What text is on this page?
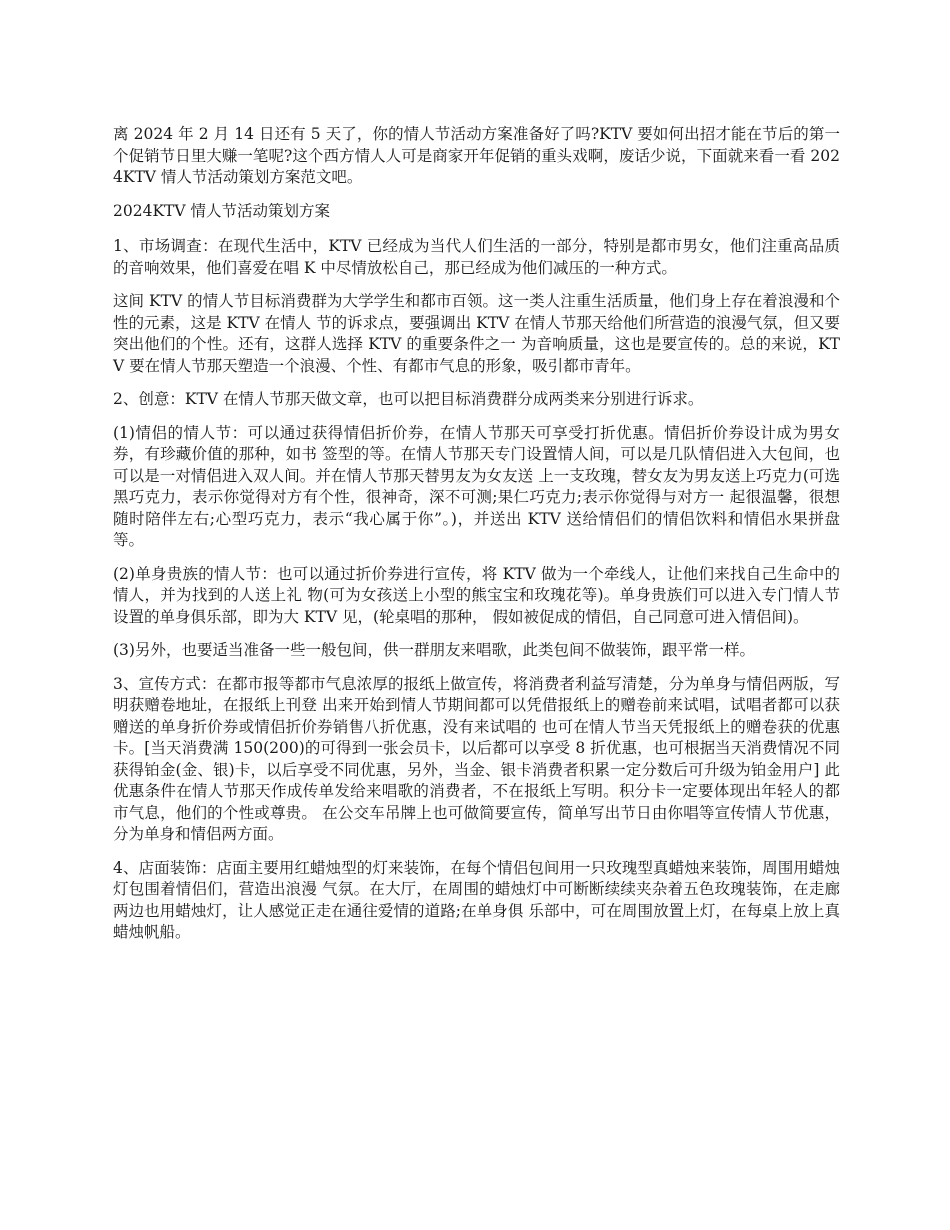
离 2024 年 2 月 14 日还有 5 天了，你的情人节活动方案准备好了吗?KTV 要如何出招才能在节后的第一个促销节日里大赚一笔呢?这个西方情人人可是商家开年促销的重头戏啊，废话少说，下面就来看一看 2024KTV 情人节活动策划方案范文吧。

2024KTV 情人节活动策划方案

1、市场调查：在现代生活中，KTV 已经成为当代人们生活的一部分，特别是都市男女，他们注重高品质的音响效果，他们喜爱在唱 K 中尽情放松自己，那已经成为他们减压的一种方式。

这间 KTV 的情人节目标消费群为大学学生和都市百领。这一类人注重生活质量，他们身上存在着浪漫和个性的元素，这是 KTV 在情人 节的诉求点，要强调出 KTV 在情人节那天给他们所营造的浪漫气氛，但又要突出他们的个性。还有，这群人选择 KTV 的重要条件之一 为音响质量，这也是要宣传的。总的来说，KTV 要在情人节那天塑造一个浪漫、个性、有都市气息的形象，吸引都市青年。

2、创意：KTV 在情人节那天做文章，也可以把目标消费群分成两类来分别进行诉求。

(1)情侣的情人节：可以通过获得情侣折价券，在情人节那天可享受打折优惠。情侣折价券设计成为男女券，有珍藏价值的那种，如书 签型的等。在情人节那天专门设置情人间，可以是几队情侣进入大包间，也可以是一对情侣进入双人间。并在情人节那天替男友为女友送 上一支玫瑰，替女友为男友送上巧克力(可选黑巧克力，表示你觉得对方有个性，很神奇，深不可测;果仁巧克力;表示你觉得与对方一 起很温馨，很想随时陪伴左右;心型巧克力，表示“我心属于你”。)，并送出 KTV 送给情侣们的情侣饮料和情侣水果拼盘等。

(2)单身贵族的情人节：也可以通过折价券进行宣传，将 KTV 做为一个牵线人，让他们来找自己生命中的情人，并为找到的人送上礼 物(可为女孩送上小型的熊宝宝和玫瑰花等)。单身贵族们可以进入专门情人节设置的单身俱乐部，即为大 KTV 见，(轮桌唱的那种， 假如被促成的情侣，自己同意可进入情侣间)。

(3)另外，也要适当准备一些一般包间，供一群朋友来唱歌，此类包间不做装饰，跟平常一样。

3、宣传方式：在都市报等都市气息浓厚的报纸上做宣传，将消费者利益写清楚，分为单身与情侣两版，写明获赠卷地址，在报纸上刊登 出来开始到情人节期间都可以凭借报纸上的赠卷前来试唱，试唱者都可以获赠送的单身折价券或情侣折价券销售八折优惠，没有来试唱的 也可在情人节当天凭报纸上的赠卷获的优惠卡。[当天消费满 150(200)的可得到一张会员卡，以后都可以享受 8 折优惠，也可根据当天消费情况不同获得铂金(金、银)卡，以后享受不同优惠，另外，当金、银卡消费者积累一定分数后可升级为铂金用户] 此优惠条件在情人节那天作成传单发给来唱歌的消费者，不在报纸上写明。积分卡一定要体现出年轻人的都市气息，他们的个性或尊贵。 在公交车吊牌上也可做简要宣传，简单写出节日由你唱等宣传情人节优惠，分为单身和情侣两方面。

4、店面装饰：店面主要用红蜡烛型的灯来装饰，在每个情侣包间用一只玫瑰型真蜡烛来装饰，周围用蜡烛灯包围着情侣们，营造出浪漫 气氛。在大厅，在周围的蜡烛灯中可断断续续夹杂着五色玫瑰装饰，在走廊两边也用蜡烛灯，让人感觉正走在通往爱情的道路;在单身俱 乐部中，可在周围放置上灯，在每桌上放上真蜡烛帆船。
